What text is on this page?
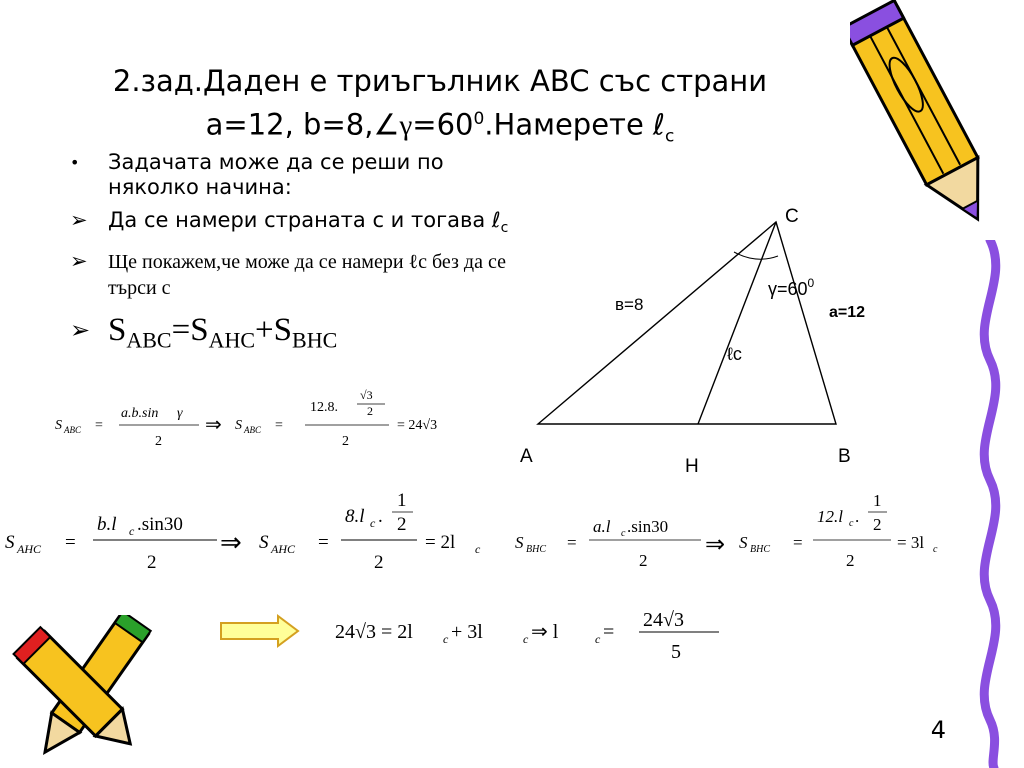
2.зад.Даден е триъгълник ABC със страни
a=12, $b=8,\angle\gamma=60^0.Намерете$ ℓ$_c$
•	Задачата може да се реши по няколко начина:
➢ Да се намери страната с и тогава ℓ$_c$
➢	Ще покажем,че може да се намери ℓс без да се търси с
➢ $S_{ABC}=S_{AHC}+S_{BHC}$
C
A	B
H
в=8	a=12
$\gamma=60^0$
ℓс
S ABC =
a.b.sin γ
2
⇒ S ABC =
12.8.
√3
2
2
= 24√3
S AHC =
b.l c .sin30
2
⇒ S AHC =
8.l c .
1
2
2
= 2l c S BHC =
a.l c .sin30
2
⇒ S BHC =
12.l c .
1
2
2
= 3l c
24√3 = 2l	c + 3l	c ⇒ l	c =
24√3
5
4
